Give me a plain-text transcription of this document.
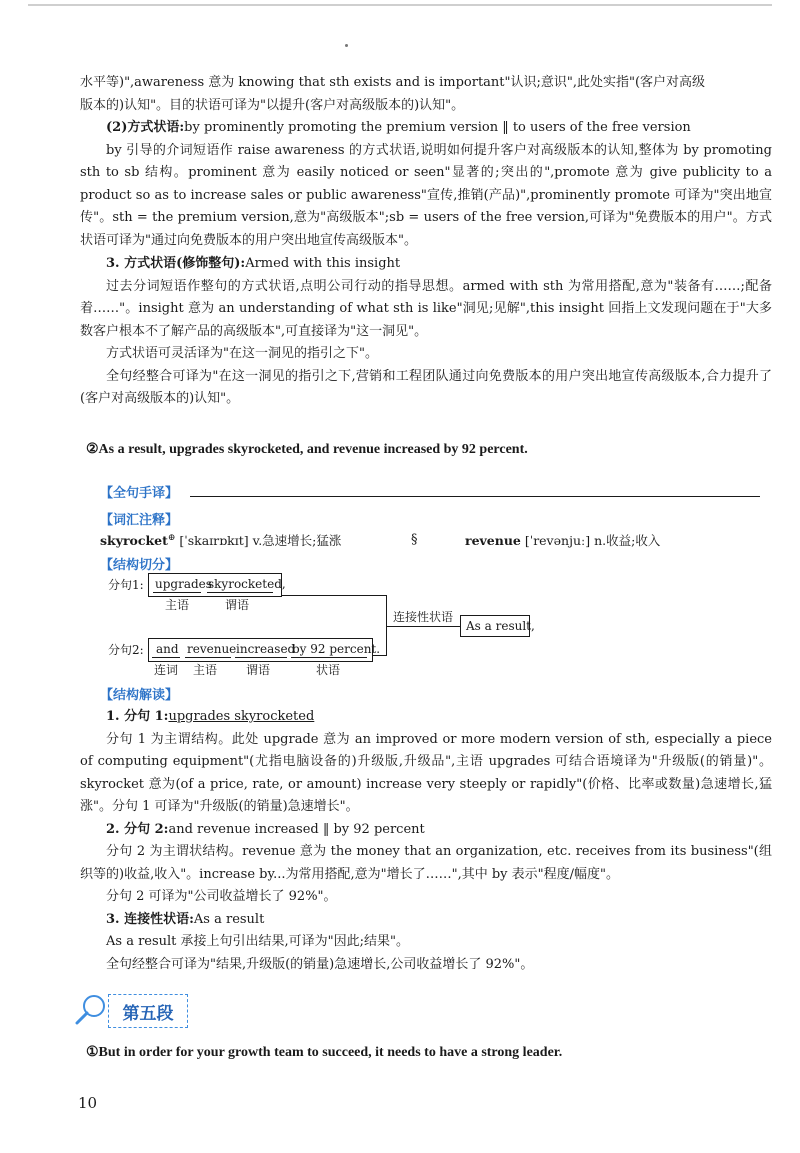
水平等)",awareness 意为 knowing that sth exists and is important"认识;意识",此处实指"(客户对高级

版本的)认知"。目的状语可译为"以提升(客户对高级版本的)认知"。

(2)方式状语:by prominently promoting the premium version ‖ to users of the free version

by 引导的介词短语作 raise awareness 的方式状语,说明如何提升客户对高级版本的认知,整体为 by promoting sth to sb 结构。prominent 意为 easily noticed or seen"显著的;突出的",promote 意为 give publicity to a product so as to increase sales or public awareness"宣传,推销(产品)",prominently promote 可译为"突出地宣传"。sth = the premium version,意为"高级版本";sb = users of the free version,可译为"免费版本的用户"。方式状语可译为"通过向免费版本的用户突出地宣传高级版本"。

3. 方式状语(修饰整句):Armed with this insight

过去分词短语作整句的方式状语,点明公司行动的指导思想。armed with sth 为常用搭配,意为"装备有……;配备着……"。insight 意为 an understanding of what sth is like"洞见;见解",this insight 回指上文发现问题在于"大多数客户根本不了解产品的高级版本",可直接译为"这一洞见"。

方式状语可灵活译为"在这一洞见的指引之下"。

全句经整合可译为"在这一洞见的指引之下,营销和工程团队通过向免费版本的用户突出地宣传高级版本,合力提升了(客户对高级版本的)认知"。

②As a result, upgrades skyrocketed, and revenue increased by 92 percent.
【全句手译】
【词汇注释】
skyrocket⊕ [ˈskaɪrɒkɪt] v.急速增长;猛涨	§	revenue [ˈrevənjuː] n.收益;收入
【结构切分】
分句1: upgrades
skyrocketed,
主语	谓语
连接性状语
As a result,
分句2: and revenue increased
by 92 percent.
连词 主语 谓语	状语
【结构解读】

1. 分句 1:upgrades skyrocketed

分句 1 为主谓结构。此处 upgrade 意为 an improved or more modern version of sth, especially a piece of computing equipment"(尤指电脑设备的)升级版,升级品",主语 upgrades 可结合语境译为"升级版(的销量)"。skyrocket 意为(of a price, rate, or amount) increase very steeply or rapidly"(价格、比率或数量)急速增长,猛涨"。分句 1 可译为"升级版(的销量)急速增长"。

2. 分句 2:and revenue increased ‖ by 92 percent

分句 2 为主谓状结构。revenue 意为 the money that an organization, etc. receives from its business"(组织等的)收益,收入"。increase by...为常用搭配,意为"增长了……",其中 by 表示"程度/幅度"。

分句 2 可译为"公司收益增长了 92%"。

3. 连接性状语:As a result

As a result 承接上句引出结果,可译为"因此;结果"。

全句经整合可译为"结果,升级版(的销量)急速增长,公司收益增长了 92%"。

第五段
①But in order for your growth team to succeed, it needs to have a strong leader.
10
